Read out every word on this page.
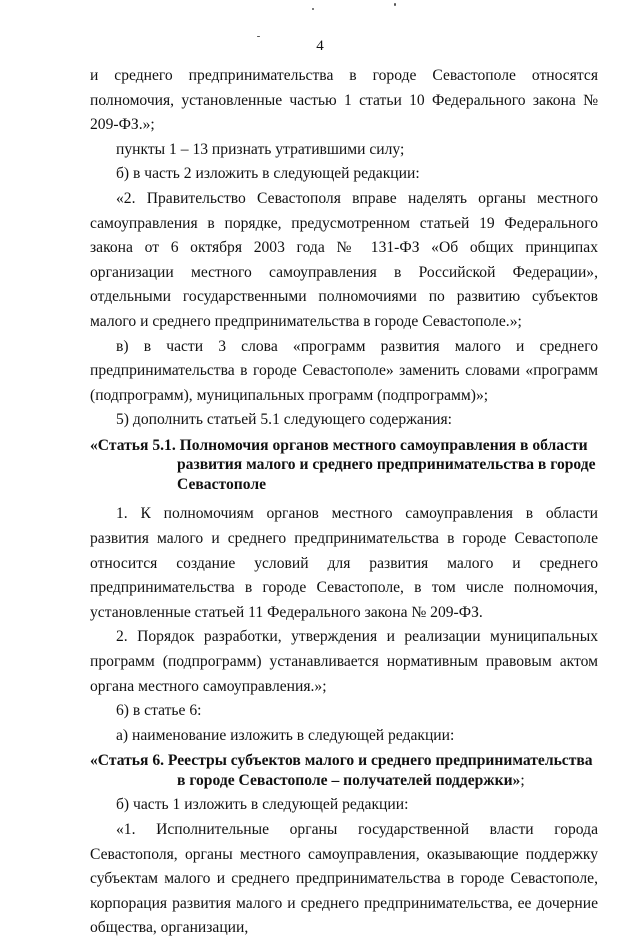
4

и среднего предпринимательства в городе Севастополе относятся полномочия, установленные частью 1 статьи 10 Федерального закона № 209-ФЗ.»;

пункты 1 – 13 признать утратившими силу;

б) в часть 2 изложить в следующей редакции:

«2. Правительство Севастополя вправе наделять органы местного самоуправления в порядке, предусмотренном статьей 19 Федерального закона от 6 октября 2003 года № 131-ФЗ «Об общих принципах организации местного самоуправления в Российской Федерации», отдельными государственными полномочиями по развитию субъектов малого и среднего предпринимательства в городе Севастополе.»;

в) в части 3 слова «программ развития малого и среднего предпринимательства в городе Севастополе» заменить словами «программ (подпрограмм), муниципальных программ (подпрограмм)»;

5) дополнить статьей 5.1 следующего содержания:

«Статья 5.1. Полномочия органов местного самоуправления в области развития малого и среднего предпринимательства в городе Севастополе

1. К полномочиям органов местного самоуправления в области развития малого и среднего предпринимательства в городе Севастополе относится создание условий для развития малого и среднего предпринимательства в городе Севастополе, в том числе полномочия, установленные статьей 11 Федерального закона № 209-ФЗ.

2. Порядок разработки, утверждения и реализации муниципальных программ (подпрограмм) устанавливается нормативным правовым актом органа местного самоуправления.»;

6) в статье 6:

а) наименование изложить в следующей редакции:

«Статья 6. Реестры субъектов малого и среднего предпринимательства в городе Севастополе – получателей поддержки»;

б) часть 1 изложить в следующей редакции:

«1. Исполнительные органы государственной власти города Севастополя, органы местного самоуправления, оказывающие поддержку субъектам малого и среднего предпринимательства в городе Севастополе, корпорация развития малого и среднего предпринимательства, ее дочерние общества, организации,
